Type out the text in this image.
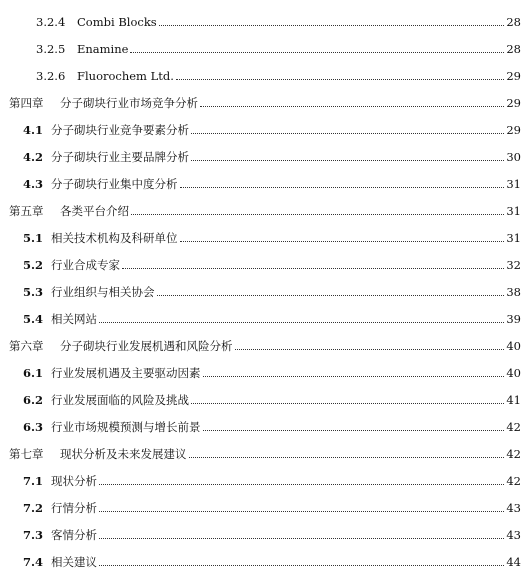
3.2.4	Combi Blocks	28
3.2.5	Enamine	28
3.2.6	Fluorochem Ltd.	29
第四章	分子砌块行业市场竞争分析	29
4.1 分子砌块行业竞争要素分析	29
4.2 分子砌块行业主要品牌分析	30
4.3 分子砌块行业集中度分析	31
第五章	各类平台介绍	31
5.1 相关技术机构及科研单位	31
5.2 行业合成专家	32
5.3 行业组织与相关协会	38
5.4 相关网站	39
第六章	分子砌块行业发展机遇和风险分析	40
6.1 行业发展机遇及主要驱动因素	40
6.2 行业发展面临的风险及挑战	41
6.3 行业市场规模预测与增长前景	42
第七章	现状分析及未来发展建议	42
7.1 现状分析	42
7.2 行情分析	43
7.3 客情分析	43
7.4 相关建议	44
